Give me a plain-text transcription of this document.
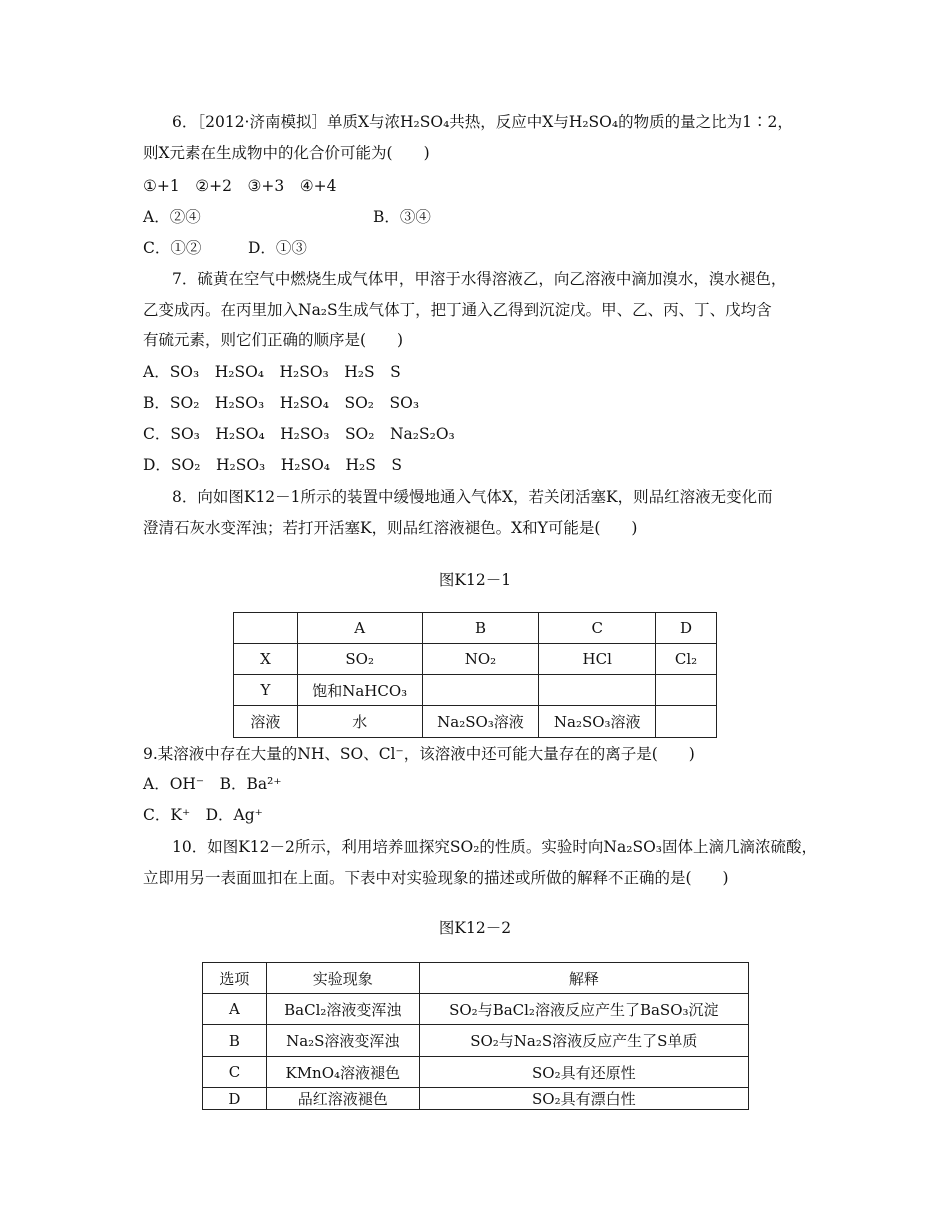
6．［2012·济南模拟］单质X与浓H₂SO₄共热，反应中X与H₂SO₄的物质的量之比为1∶2，
则X元素在生成物中的化合价可能为(　　)
①+1　②+2　③+3　④+4
A．②④	B．③④
C．①②	D．①③
7．硫黄在空气中燃烧生成气体甲，甲溶于水得溶液乙，向乙溶液中滴加溴水，溴水褪色，
乙变成丙。在丙里加入Na₂S生成气体丁，把丁通入乙得到沉淀戊。甲、乙、丙、丁、戊均含
有硫元素，则它们正确的顺序是(　　)
A．SO₃　H₂SO₄　H₂SO₃　H₂S　S
B．SO₂　H₂SO₃　H₂SO₄　SO₂　SO₃
C．SO₃　H₂SO₄　H₂SO₃　SO₂　Na₂S₂O₃
D．SO₂　H₂SO₃　H₂SO₄　H₂S　S
8．向如图K12－1所示的装置中缓慢地通入气体X，若关闭活塞K，则品红溶液无变化而
澄清石灰水变浑浊；若打开活塞K，则品红溶液褪色。X和Y可能是(　　)
图K12－1
	A	B	C	D
X	SO₂	NO₂	HCl	Cl₂
Y	饱和NaHCO₃			
溶液	水	Na₂SO₃溶液	Na₂SO₃溶液	
9.某溶液中存在大量的NH、SO、Cl⁻，该溶液中还可能大量存在的离子是(　　)
A．OH⁻　B．Ba²⁺
C．K⁺　D．Ag⁺
10．如图K12－2所示，利用培养皿探究SO₂的性质。实验时向Na₂SO₃固体上滴几滴浓硫酸，
立即用另一表面皿扣在上面。下表中对实验现象的描述或所做的解释不正确的是(　　)
图K12－2
选项	实验现象	解释
A	BaCl₂溶液变浑浊	SO₂与BaCl₂溶液反应产生了BaSO₃沉淀
B	Na₂S溶液变浑浊	SO₂与Na₂S溶液反应产生了S单质
C	KMnO₄溶液褪色	SO₂具有还原性
D	品红溶液褪色	SO₂具有漂白性
